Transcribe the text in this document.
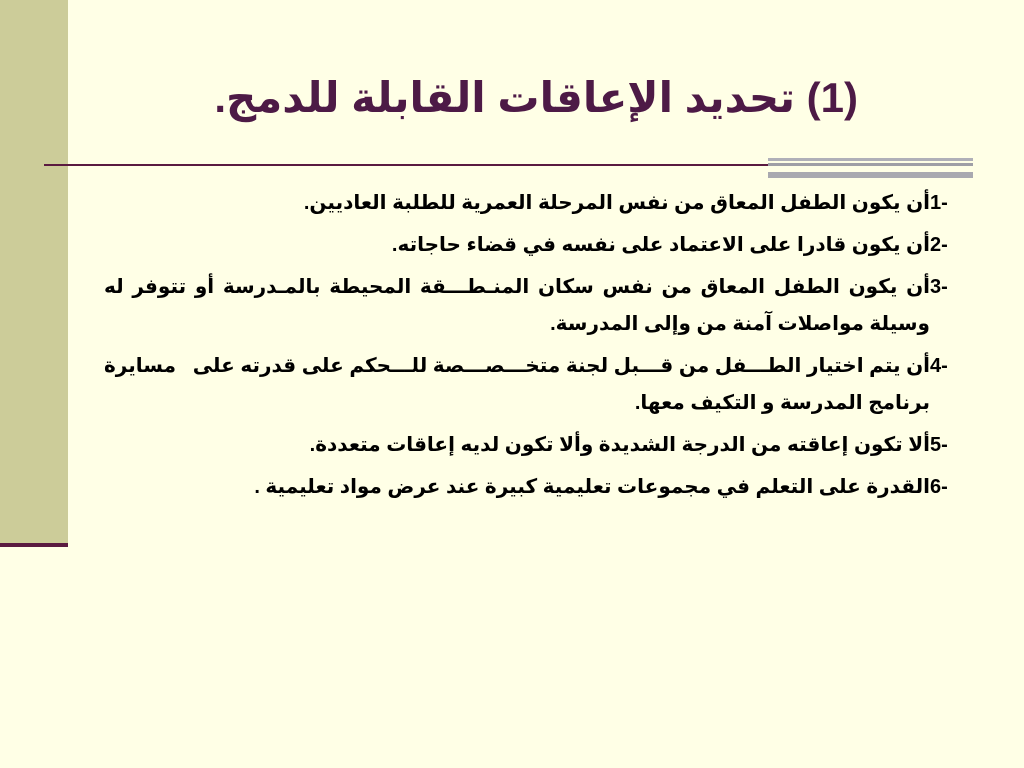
(1) تحديد الإعاقات القابلة للدمج.
1-
أن يكون الطفل المعاق من نفس المرحلة العمرية للطلبة العاديين.
2-
أن يكون قادرا على الاعتماد على نفسه في قضاء حاجاته.
3-
أن يكون الطفل المعاق من نفس سكان المنـطـــقة المحيطة بالمـدرسة أو تتوفر له وسيلة مواصلات آمنة من وإلى المدرسة.
4-
أن يتم اختيار الطـــفل من قـــبل لجنة متخـــصـــصة للـــحكم على قدرته على   مسايرة برنامج المدرسة و التكيف معها.
5-
ألا تكون إعاقته من الدرجة الشديدة وألا تكون لديه إعاقات متعددة.
6-
القدرة على التعلم في مجموعات تعليمية كبيرة عند عرض مواد تعليمية .
